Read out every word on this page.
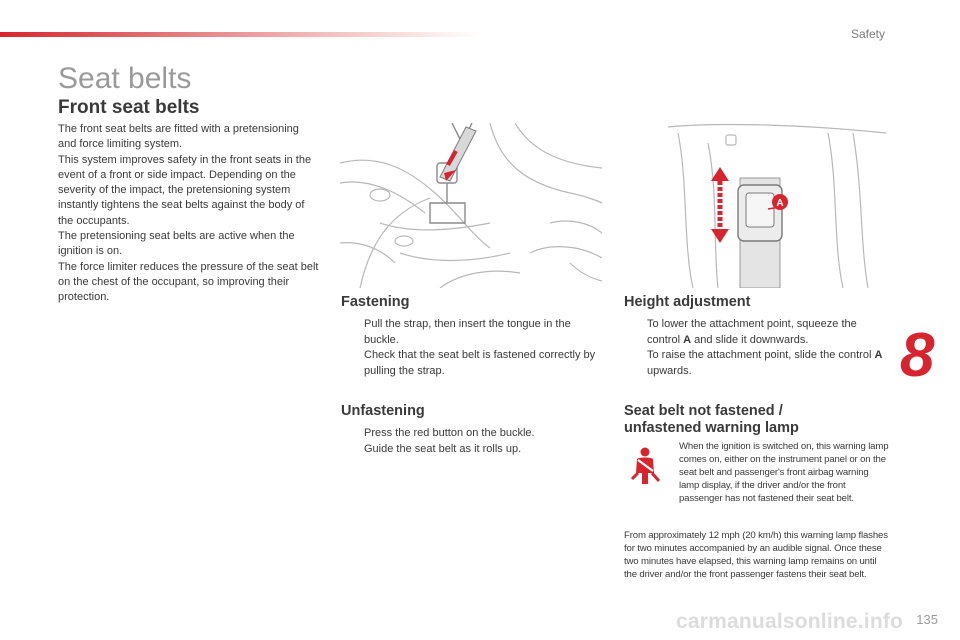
Safety
Seat belts
Front seat belts

The front seat belts are fitted with a pretensioning and force limiting system.

This system improves safety in the front seats in the event of a front or side impact. Depending on the severity of the impact, the pretensioning system instantly tightens the seat belts against the body of the occupants.

The pretensioning seat belts are active when the ignition is on.

The force limiter reduces the pressure of the seat belt on the chest of the occupant, so improving their protection.

A
Fastening
Pull the strap, then insert the tongue in the buckle.
Check that the seat belt is fastened correctly by pulling the strap.
Unfastening
Press the red button on the buckle.
Guide the seat belt as it rolls up.
Height adjustment
To lower the attachment point, squeeze the control A and slide it downwards.
To raise the attachment point, slide the control A upwards.
Seat belt not fastened /
unfastened warning lamp
When the ignition is switched on, this warning lamp comes on, either on the instrument panel or on the seat belt and passenger's front airbag warning lamp display, if the driver and/or the front passenger has not fastened their seat belt.
From approximately 12 mph (20 km/h) this warning lamp flashes for two minutes accompanied by an audible signal. Once these two minutes have elapsed, this warning lamp remains on until the driver and/or the front passenger fastens their seat belt.
8
carmanualsonline.info 135
